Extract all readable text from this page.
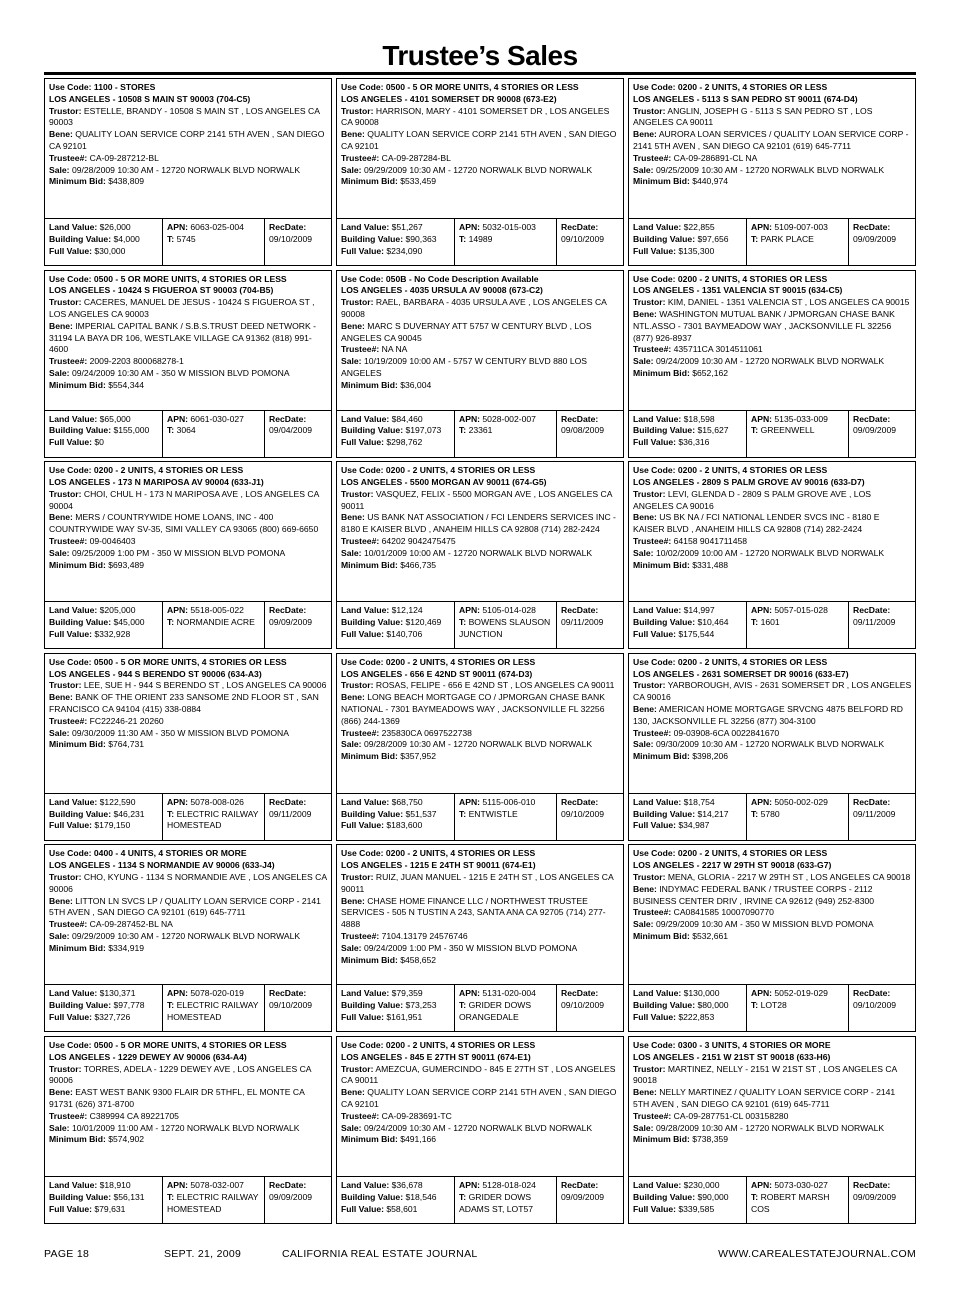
Trustee’s Sales
Use Code: 1100 - STORES
LOS ANGELES - 10508 S MAIN ST 90003 (704-C5)
Trustor: ESTELLE, BRANDY - 10508 S MAIN ST , LOS ANGELES CA 90003
Bene: QUALITY LOAN SERVICE CORP 2141 5TH AVEN , SAN DIEGO CA 92101
Trustee#: CA-09-287212-BL
Sale: 09/28/2009 10:30 AM - 12720 NORWALK BLVD NORWALK
Minimum Bid: $438,809
Land Value: $26,000
Building Value: $4,000
Full Value: $30,000
APN: 6063-025-004
T: 5745
RecDate:
09/10/2009
Use Code: 0500 - 5 OR MORE UNITS, 4 STORIES OR LESS
LOS ANGELES - 4101 SOMERSET DR 90008 (673-E2)
Trustor: HARRISON, MARY - 4101 SOMERSET DR , LOS ANGELES CA 90008
Bene: QUALITY LOAN SERVICE CORP 2141 5TH AVEN , SAN DIEGO CA 92101
Trustee#: CA-09-287284-BL
Sale: 09/29/2009 10:30 AM - 12720 NORWALK BLVD NORWALK
Minimum Bid: $533,459
Land Value: $51,267
Building Value: $90,363
Full Value: $234,090
APN: 5032-015-003
T: 14989
RecDate:
09/10/2009
Use Code: 0200 - 2 UNITS, 4 STORIES OR LESS
LOS ANGELES - 5113 S SAN PEDRO ST 90011 (674-D4)
Trustor: ANGLIN, JOSEPH G - 5113 S SAN PEDRO ST , LOS ANGELES CA 90011
Bene: AURORA LOAN SERVICES / QUALITY LOAN SERVICE CORP - 2141 5TH AVEN , SAN DIEGO CA 92101 (619) 645-7711
Trustee#: CA-09-286891-CL NA
Sale: 09/25/2009 10:30 AM - 12720 NORWALK BLVD NORWALK
Minimum Bid: $440,974
Land Value: $22,855
Building Value: $97,656
Full Value: $135,300
APN: 5109-007-003
T: PARK PLACE
RecDate:
09/09/2009
Use Code: 0500 - 5 OR MORE UNITS, 4 STORIES OR LESS
LOS ANGELES - 10424 S FIGUEROA ST 90003 (704-B5)
Trustor: CACERES, MANUEL DE JESUS - 10424 S FIGUEROA ST , LOS ANGELES CA 90003
Bene: IMPERIAL CAPITAL BANK / S.B.S.TRUST DEED NETWORK - 31194 LA BAYA DR 106, WESTLAKE VILLAGE CA 91362 (818) 991-4600
Trustee#: 2009-2203 800068278-1
Sale: 09/24/2009 10:30 AM - 350 W MISSION BLVD POMONA
Minimum Bid: $554,344
Land Value: $65,000
Building Value: $155,000
Full Value: $0
APN: 6061-030-027
T: 3064
RecDate:
09/04/2009
Use Code: 050B - No Code Description Available
LOS ANGELES - 4035 URSULA AV 90008 (673-C2)
Trustor: RAEL, BARBARA - 4035 URSULA AVE , LOS ANGELES CA 90008
Bene: MARC S DUVERNAY ATT 5757 W CENTURY BLVD , LOS ANGELES CA 90045
Trustee#: NA NA
Sale: 10/19/2009 10:00 AM - 5757 W CENTURY BLVD 880 LOS ANGELES
Minimum Bid: $36,004
Land Value: $84,460
Building Value: $197,073
Full Value: $298,762
APN: 5028-002-007
T: 23361
RecDate:
09/08/2009
Use Code: 0200 - 2 UNITS, 4 STORIES OR LESS
LOS ANGELES - 1351 VALENCIA ST 90015 (634-C5)
Trustor: KIM, DANIEL - 1351 VALENCIA ST , LOS ANGELES CA 90015
Bene: WASHINGTON MUTUAL BANK / JPMORGAN CHASE BANK NTL.ASSO - 7301 BAYMEADOW WAY , JACKSONVILLE FL 32256 (877) 926-8937
Trustee#: 435711CA 3014511061
Sale: 09/24/2009 10:30 AM - 12720 NORWALK BLVD NORWALK
Minimum Bid: $652,162
Land Value: $18,598
Building Value: $15,627
Full Value: $36,316
APN: 5135-033-009
T: GREENWELL
RecDate:
09/09/2009
Use Code: 0200 - 2 UNITS, 4 STORIES OR LESS
LOS ANGELES - 173 N MARIPOSA AV 90004 (633-J1)
Trustor: CHOI, CHUL H - 173 N MARIPOSA AVE , LOS ANGELES CA 90004
Bene: MERS / COUNTRYWIDE HOME LOANS, INC - 400 COUNTRYWIDE WAY SV-35, SIMI VALLEY CA 93065 (800) 669-6650
Trustee#: 09-0046403
Sale: 09/25/2009 1:00 PM - 350 W MISSION BLVD POMONA
Minimum Bid: $693,489
Land Value: $205,000
Building Value: $45,000
Full Value: $332,928
APN: 5518-005-022
T: NORMANDIE ACRE
RecDate:
09/09/2009
Use Code: 0200 - 2 UNITS, 4 STORIES OR LESS
LOS ANGELES - 5500 MORGAN AV 90011 (674-G5)
Trustor: VASQUEZ, FELIX - 5500 MORGAN AVE , LOS ANGELES CA 90011
Bene: US BANK NAT ASSOCIATION / FCI LENDERS SERVICES INC - 8180 E KAISER BLVD , ANAHEIM HILLS CA 92808 (714) 282-2424
Trustee#: 64202 9042475475
Sale: 10/01/2009 10:00 AM - 12720 NORWALK BLVD NORWALK
Minimum Bid: $466,735
Land Value: $12,124
Building Value: $120,469
Full Value: $140,706
APN: 5105-014-028
T: BOWENS SLAUSON JUNCTION
RecDate:
09/11/2009
Use Code: 0200 - 2 UNITS, 4 STORIES OR LESS
LOS ANGELES - 2809 S PALM GROVE AV 90016 (633-D7)
Trustor: LEVI, GLENDA D - 2809 S PALM GROVE AVE , LOS ANGELES CA 90016
Bene: US BK NA / FCI NATIONAL LENDER SVCS INC - 8180 E KAISER BLVD , ANAHEIM HILLS CA 92808 (714) 282-2424
Trustee#: 64158 9041711458
Sale: 10/02/2009 10:00 AM - 12720 NORWALK BLVD NORWALK
Minimum Bid: $331,488
Land Value: $14,997
Building Value: $10,464
Full Value: $175,544
APN: 5057-015-028
T: 1601
RecDate:
09/11/2009
Use Code: 0500 - 5 OR MORE UNITS, 4 STORIES OR LESS
LOS ANGELES - 944 S BERENDO ST 90006 (634-A3)
Trustor: LEE, SUE H - 944 S BERENDO ST , LOS ANGELES CA 90006
Bene: BANK OF THE ORIENT 233 SANSOME 2ND FLOOR ST , SAN FRANCISCO CA 94104 (415) 338-0884
Trustee#: FC22246-21 20260
Sale: 09/30/2009 11:30 AM - 350 W MISSION BLVD POMONA
Minimum Bid: $764,731
Land Value: $122,590
Building Value: $46,231
Full Value: $179,150
APN: 5078-008-026
T: ELECTRIC RAILWAY HOMESTEAD
RecDate:
09/11/2009
Use Code: 0200 - 2 UNITS, 4 STORIES OR LESS
LOS ANGELES - 656 E 42ND ST 90011 (674-D3)
Trustor: ROSAS, FELIPE - 656 E 42ND ST , LOS ANGELES CA 90011
Bene: LONG BEACH MORTGAGE CO / JPMORGAN CHASE BANK NATIONAL - 7301 BAYMEADOWS WAY , JACKSONVILLE FL 32256 (866) 244-1369
Trustee#: 235830CA 0697522738
Sale: 09/28/2009 10:30 AM - 12720 NORWALK BLVD NORWALK
Minimum Bid: $357,952
Land Value: $68,750
Building Value: $51,537
Full Value: $183,600
APN: 5115-006-010
T: ENTWISTLE
RecDate:
09/10/2009
Use Code: 0200 - 2 UNITS, 4 STORIES OR LESS
LOS ANGELES - 2631 SOMERSET DR 90016 (633-E7)
Trustor: YARBOROUGH, AVIS - 2631 SOMERSET DR , LOS ANGELES CA 90016
Bene: AMERICAN HOME MORTGAGE SRVCNG 4875 BELFORD RD 130, JACKSONVILLE FL 32256 (877) 304-3100
Trustee#: 09-03908-6CA 0022841670
Sale: 09/30/2009 10:30 AM - 12720 NORWALK BLVD NORWALK
Minimum Bid: $398,206
Land Value: $18,754
Building Value: $14,217
Full Value: $34,987
APN: 5050-002-029
T: 5780
RecDate:
09/11/2009
Use Code: 0400 - 4 UNITS, 4 STORIES OR MORE
LOS ANGELES - 1134 S NORMANDIE AV 90006 (633-J4)
Trustor: CHO, KYUNG - 1134 S NORMANDIE AVE , LOS ANGELES CA 90006
Bene: LITTON LN SVCS LP / QUALITY LOAN SERVICE CORP - 2141 5TH AVEN , SAN DIEGO CA 92101 (619) 645-7711
Trustee#: CA-09-287452-BL NA
Sale: 09/29/2009 10:30 AM - 12720 NORWALK BLVD NORWALK
Minimum Bid: $334,919
Land Value: $130,371
Building Value: $97,778
Full Value: $327,726
APN: 5078-020-019
T: ELECTRIC RAILWAY HOMESTEAD
RecDate:
09/10/2009
Use Code: 0200 - 2 UNITS, 4 STORIES OR LESS
LOS ANGELES - 1215 E 24TH ST 90011 (674-E1)
Trustor: RUIZ, JUAN MANUEL - 1215 E 24TH ST , LOS ANGELES CA 90011
Bene: CHASE HOME FINANCE LLC / NORTHWEST TRUSTEE SERVICES - 505 N TUSTIN A 243, SANTA ANA CA 92705 (714) 277-4888
Trustee#: 7104.13179 24576746
Sale: 09/24/2009 1:00 PM - 350 W MISSION BLVD POMONA
Minimum Bid: $458,652
Land Value: $79,359
Building Value: $73,253
Full Value: $161,951
APN: 5131-020-004
T: GRIDER DOWS ORANGEDALE
RecDate:
09/10/2009
Use Code: 0200 - 2 UNITS, 4 STORIES OR LESS
LOS ANGELES - 2217 W 29TH ST 90018 (633-G7)
Trustor: MENA, GLORIA - 2217 W 29TH ST , LOS ANGELES CA 90018
Bene: INDYMAC FEDERAL BANK / TRUSTEE CORPS - 2112 BUSINESS CENTER DRIV , IRVINE CA 92612 (949) 252-8300
Trustee#: CA0841585 10007090770
Sale: 09/29/2009 10:30 AM - 350 W MISSION BLVD POMONA
Minimum Bid: $532,661
Land Value: $130,000
Building Value: $80,000
Full Value: $222,853
APN: 5052-019-029
T: LOT28
RecDate:
09/10/2009
Use Code: 0500 - 5 OR MORE UNITS, 4 STORIES OR LESS
LOS ANGELES - 1229 DEWEY AV 90006 (634-A4)
Trustor: TORRES, ADELA - 1229 DEWEY AVE , LOS ANGELES CA 90006
Bene: EAST WEST BANK 9300 FLAIR DR 5THFL, EL MONTE CA 91731 (626) 371-8700
Trustee#: C389994 CA 89221705
Sale: 10/01/2009 11:00 AM - 12720 NORWALK BLVD NORWALK
Minimum Bid: $574,902
Land Value: $18,910
Building Value: $56,131
Full Value: $79,631
APN: 5078-032-007
T: ELECTRIC RAILWAY HOMESTEAD
RecDate:
09/09/2009
Use Code: 0200 - 2 UNITS, 4 STORIES OR LESS
LOS ANGELES - 845 E 27TH ST 90011 (674-E1)
Trustor: AMEZCUA, GUMERCINDO - 845 E 27TH ST , LOS ANGELES CA 90011
Bene: QUALITY LOAN SERVICE CORP 2141 5TH AVEN , SAN DIEGO CA 92101
Trustee#: CA-09-283691-TC
Sale: 09/24/2009 10:30 AM - 12720 NORWALK BLVD NORWALK
Minimum Bid: $491,166
Land Value: $36,678
Building Value: $18,546
Full Value: $58,601
APN: 5128-018-024
T: GRIDER DOWS ADAMS ST, LOT57
RecDate:
09/09/2009
Use Code: 0300 - 3 UNITS, 4 STORIES OR MORE
LOS ANGELES - 2151 W 21ST ST 90018 (633-H6)
Trustor: MARTINEZ, NELLY - 2151 W 21ST ST , LOS ANGELES CA 90018
Bene: NELLY MARTINEZ / QUALITY LOAN SERVICE CORP - 2141 5TH AVEN , SAN DIEGO CA 92101 (619) 645-7711
Trustee#: CA-09-287751-CL 003158280
Sale: 09/28/2009 10:30 AM - 12720 NORWALK BLVD NORWALK
Minimum Bid: $738,359
Land Value: $230,000
Building Value: $90,000
Full Value: $339,585
APN: 5073-030-027
T: ROBERT MARSH COS
RecDate:
09/09/2009
PAGE 18	SEPT. 21, 2009	CALIFORNIA REAL ESTATE JOURNAL	WWW.CAREALESTATEJOURNAL.COM
